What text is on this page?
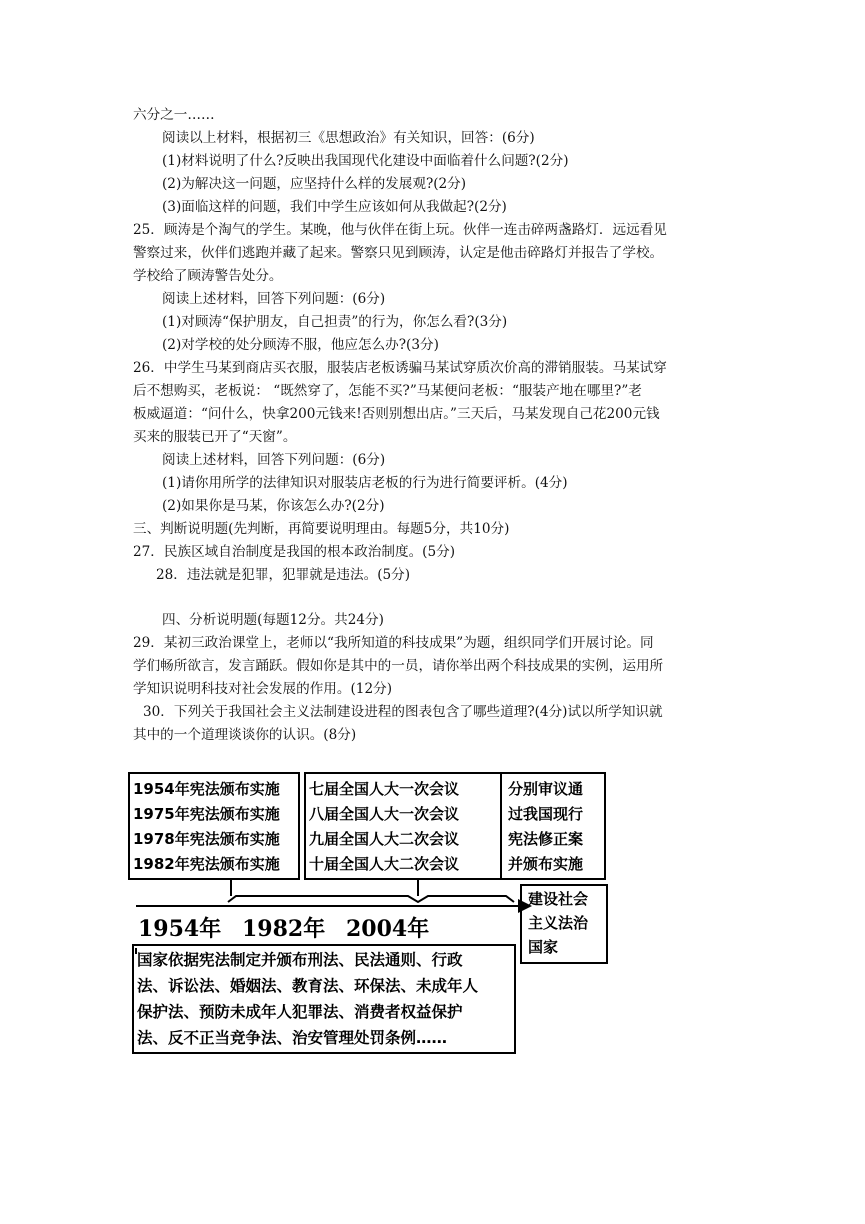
六分之一……
阅读以上材料，根据初三《思想政治》有关知识，回答：(6分)
(1)材料说明了什么?反映出我国现代化建设中面临着什么问题?(2分)
(2)为解决这一问题，应坚持什么样的发展观?(2分)
(3)面临这样的问题，我们中学生应该如何从我做起?(2分)
25．顾涛是个淘气的学生。某晚，他与伙伴在街上玩。伙伴一连击碎两盏路灯．远远看见
警察过来，伙伴们逃跑并藏了起来。警察只见到顾涛，认定是他击碎路灯并报告了学校。
学校给了顾涛警告处分。
阅读上述材料，回答下列问题：(6分)
(1)对顾涛“保护朋友，自己担责”的行为，你怎么看?(3分)
(2)对学校的处分顾涛不服，他应怎么办?(3分)
26．中学生马某到商店买衣服，服装店老板诱骗马某试穿质次价高的滞销服装。马某试穿
后不想购买，老板说： “既然穿了，怎能不买?”马某便问老板：“服装产地在哪里?”老
板威逼道：“问什么，快拿200元钱来!否则别想出店。”三天后，马某发现自己花200元钱
买来的服装已开了“天窗”。
阅读上述材料，回答下列问题：(6分)
(1)请你用所学的法律知识对服装店老板的行为进行简要评析。(4分)
(2)如果你是马某，你该怎么办?(2分)
三、判断说明题(先判断，再简要说明理由。每题5分，共10分)
27．民族区域自治制度是我国的根本政治制度。(5分)
28．违法就是犯罪，犯罪就是违法。(5分)
四、分析说明题(每题12分。共24分)
29．某初三政治课堂上，老师以“我所知道的科技成果”为题，组织同学们开展讨论。同
学们畅所欲言，发言踊跃。假如你是其中的一员，请你举出两个科技成果的实例，运用所
学知识说明科技对社会发展的作用。(12分)
30．下列关于我国社会主义法制建设进程的图表包含了哪些道理?(4分)试以所学知识就
其中的一个道理谈谈你的认识。(8分)
1954年宪法颁布实施
1975年宪法颁布实施
1978年宪法颁布实施
1982年宪法颁布实施
七届全国人大一次会议
八届全国人大一次会议
九届全国人大二次会议
十届全国人大二次会议
分别审议通
过我国现行
宪法修正案
并颁布实施
1954年 1982年 2004年
建设社会
主义法治
国家
国家依据宪法制定并颁布刑法、民法通则、行政
法、诉讼法、婚姻法、教育法、环保法、未成年人
保护法、预防未成年人犯罪法、消费者权益保护
法、反不正当竞争法、治安管理处罚条例……
